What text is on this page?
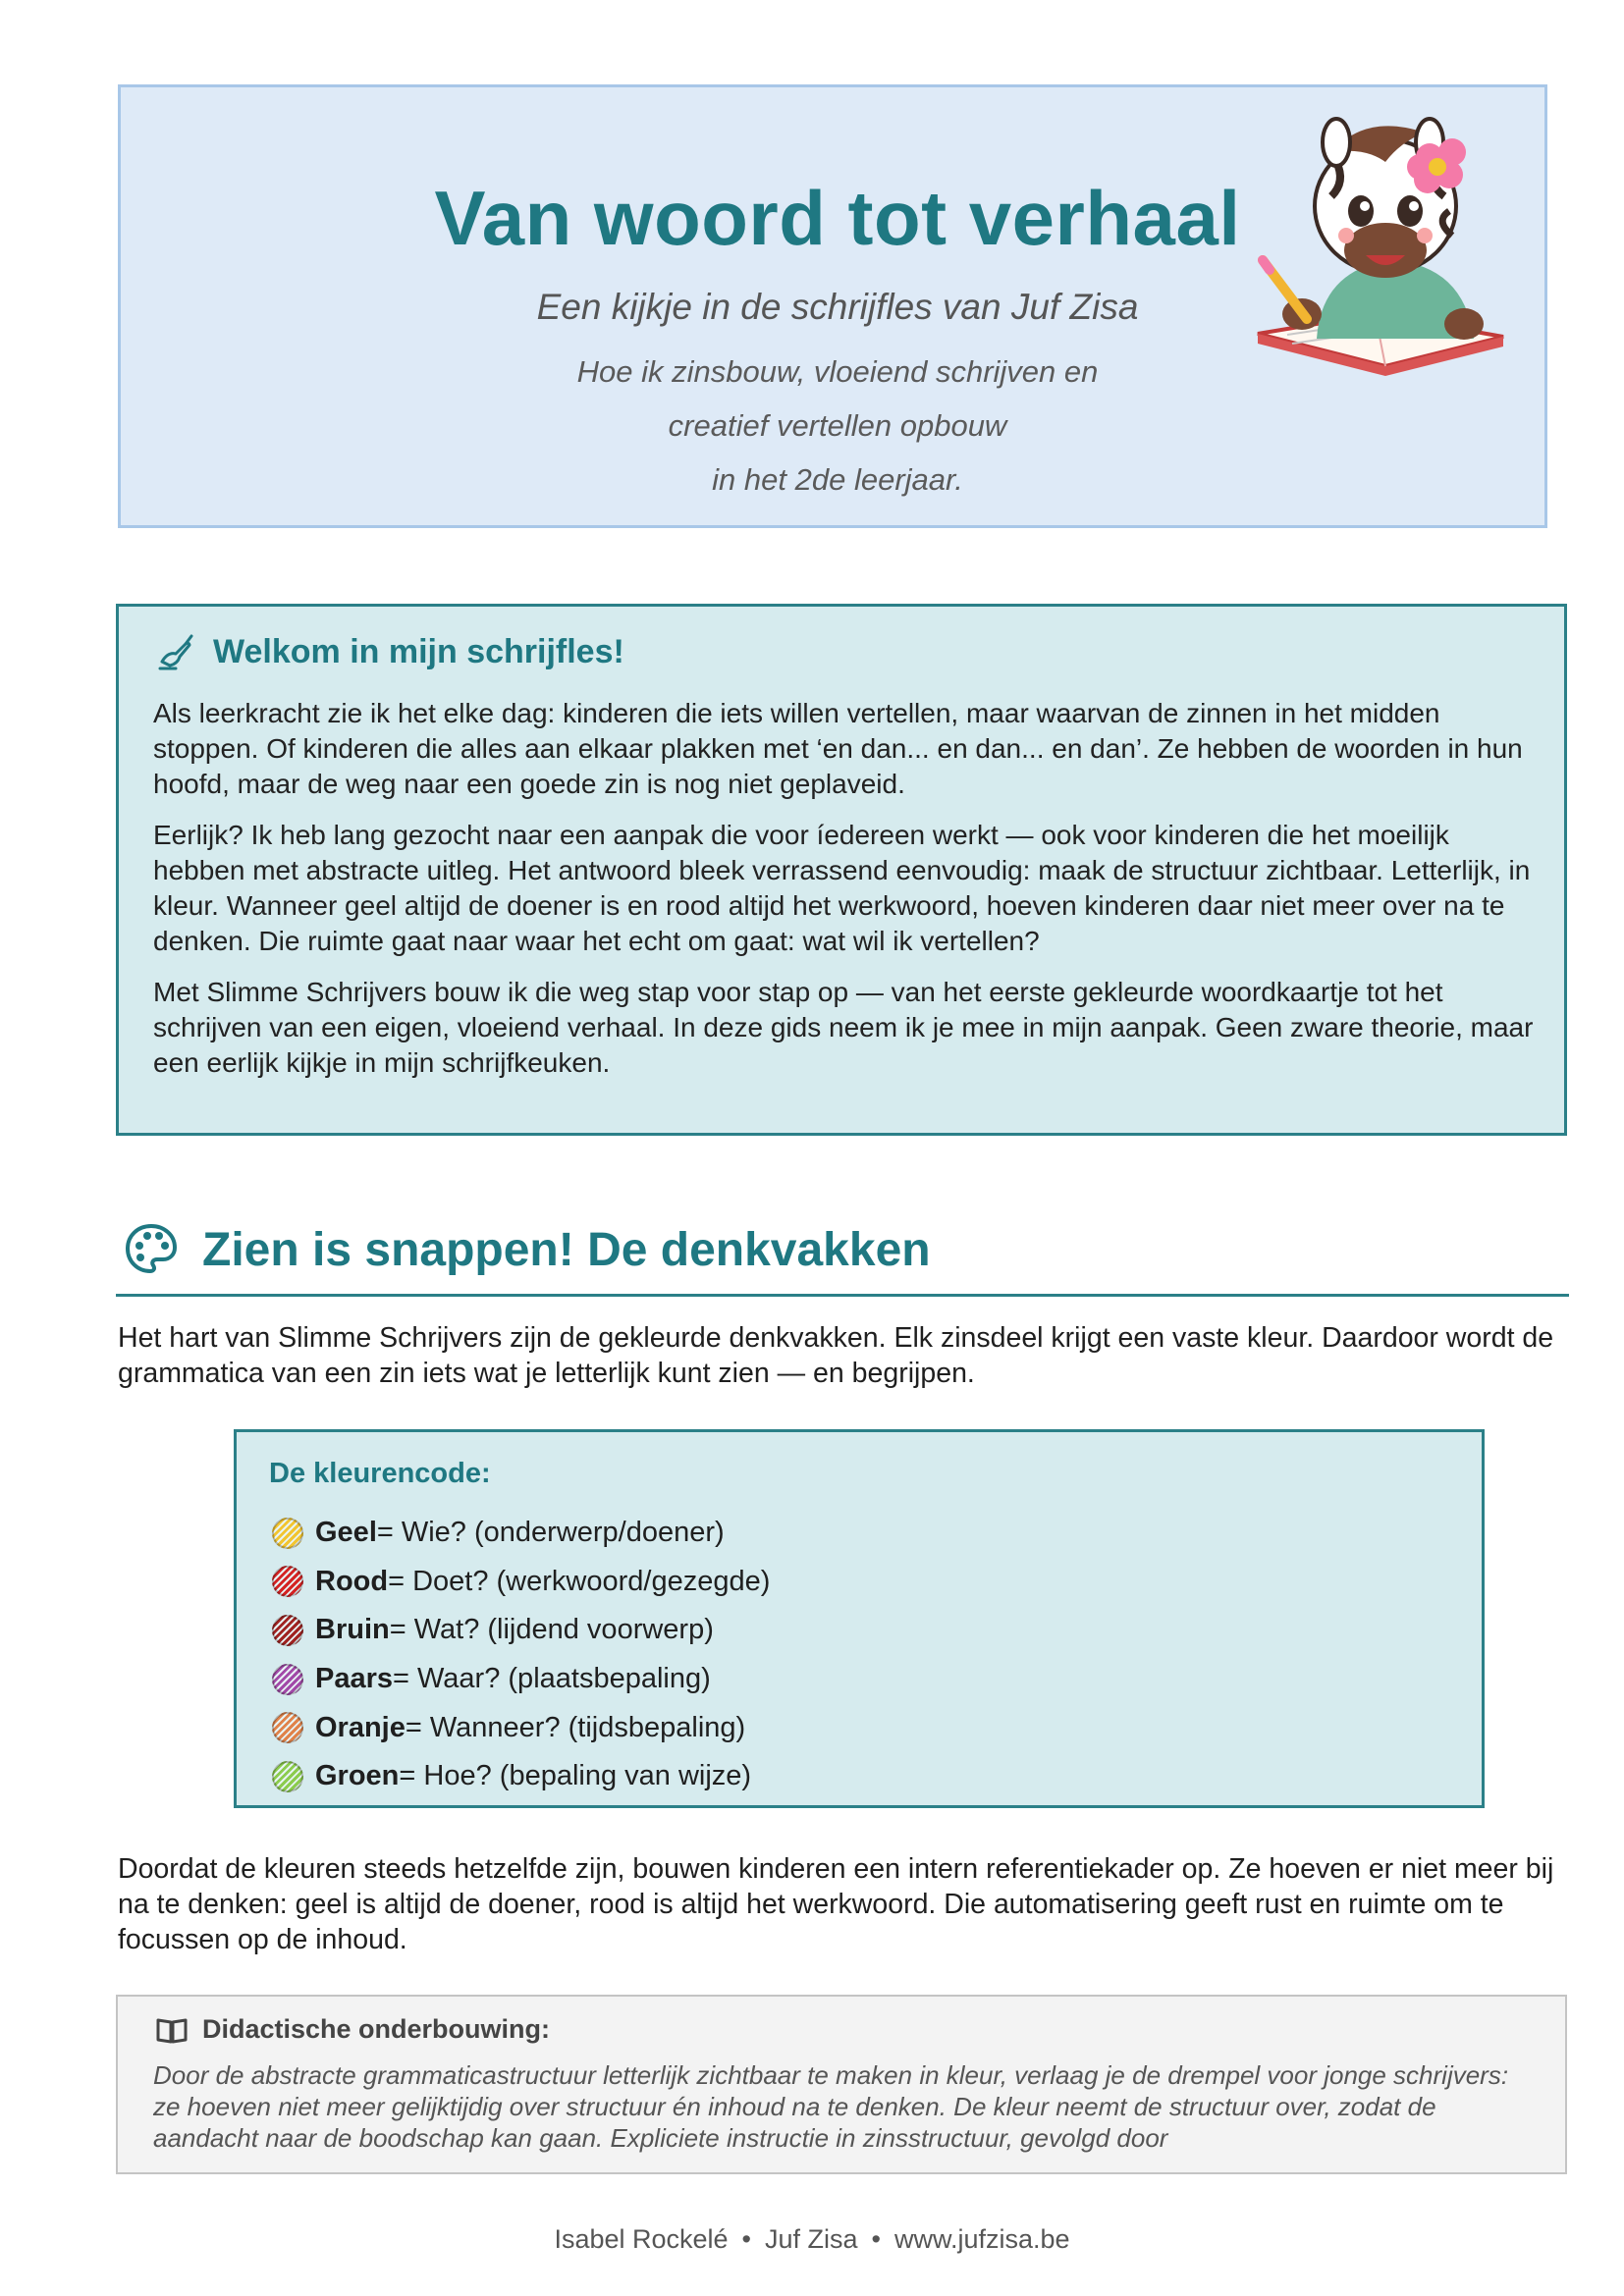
Van woord tot verhaal
Een kijkje in de schrijfles van Juf Zisa
Hoe ik zinsbouw, vloeiend schrijven en
creatief vertellen opbouw
in het 2de leerjaar.
Welkom in mijn schrijfles!

Als leerkracht zie ik het elke dag: kinderen die iets willen vertellen, maar waarvan de zinnen in het midden stoppen. Of kinderen die alles aan elkaar plakken met ‘en dan... en dan... en dan’. Ze hebben de woorden in hun hoofd, maar de weg naar een goede zin is nog niet geplaveid.

Eerlijk? Ik heb lang gezocht naar een aanpak die voor íedereen werkt — ook voor kinderen die het moeilijk hebben met abstracte uitleg. Het antwoord bleek verrassend eenvoudig: maak de structuur zichtbaar. Letterlijk, in kleur. Wanneer geel altijd de doener is en rood altijd het werkwoord, hoeven kinderen daar niet meer over na te denken. Die ruimte gaat naar waar het echt om gaat: wat wil ik vertellen?

Met Slimme Schrijvers bouw ik die weg stap voor stap op — van het eerste gekleurde woordkaartje tot het schrijven van een eigen, vloeiend verhaal. In deze gids neem ik je mee in mijn aanpak. Geen zware theorie, maar een eerlijk kijkje in mijn schrijfkeuken.

Zien is snappen! De denkvakken

Het hart van Slimme Schrijvers zijn de gekleurde denkvakken. Elk zinsdeel krijgt een vaste kleur. Daardoor wordt de grammatica van een zin iets wat je letterlijk kunt zien — en begrijpen.

De kleurencode:
Geel = Wie? (onderwerp/doener)
Rood = Doet? (werkwoord/gezegde)
Bruin = Wat? (lijdend voorwerp)
Paars = Waar? (plaatsbepaling)
Oranje = Wanneer? (tijdsbepaling)
Groen = Hoe? (bepaling van wijze)

Doordat de kleuren steeds hetzelfde zijn, bouwen kinderen een intern referentiekader op. Ze hoeven er niet meer bij na te denken: geel is altijd de doener, rood is altijd het werkwoord. Die automatisering geeft rust en ruimte om te focussen op de inhoud.

Didactische onderbouwing:

Door de abstracte grammaticastructuur letterlijk zichtbaar te maken in kleur, verlaag je de drempel voor jonge schrijvers: ze hoeven niet meer gelijktijdig over structuur én inhoud na te denken. De kleur neemt de structuur over, zodat de aandacht naar de boodschap kan gaan. Expliciete instructie in zinsstructuur, gevolgd door

Isabel Rockelé • Juf Zisa • www.jufzisa.be
